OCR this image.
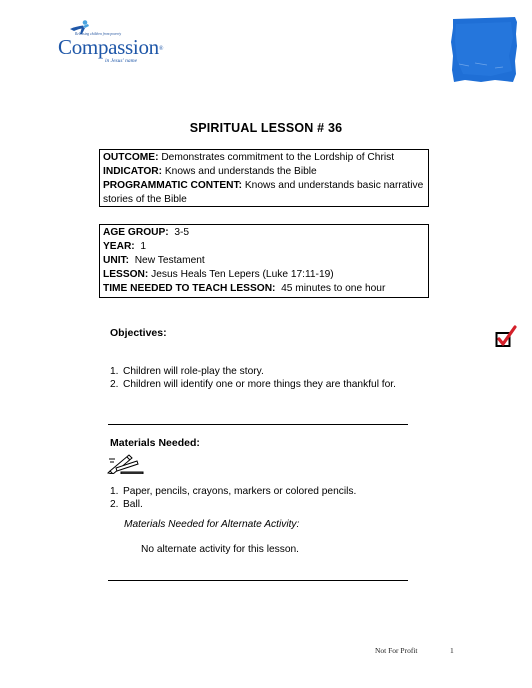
Releasing children from poverty
Compassion®
in Jesus' name
SPIRITUAL LESSON # 36

OUTCOME: Demonstrates commitment to the Lordship of Christ

INDICATOR: Knows and understands the Bible

PROGRAMMATIC CONTENT: Knows and understands basic narrative stories of the Bible

AGE GROUP: 3-5

YEAR: 1

UNIT: New Testament

LESSON: Jesus Heals Ten Lepers (Luke 17:11-19)

TIME NEEDED TO TEACH LESSON: 45 minutes to one hour

Objectives:
1. Children will role-play the story.
2. Children will identify one or more things they are thankful for.
Materials Needed:
1. Paper, pencils, crayons, markers or colored pencils.
2. Ball.
Materials Needed for Alternate Activity:
No alternate activity for this lesson.
Not For Profit	1
